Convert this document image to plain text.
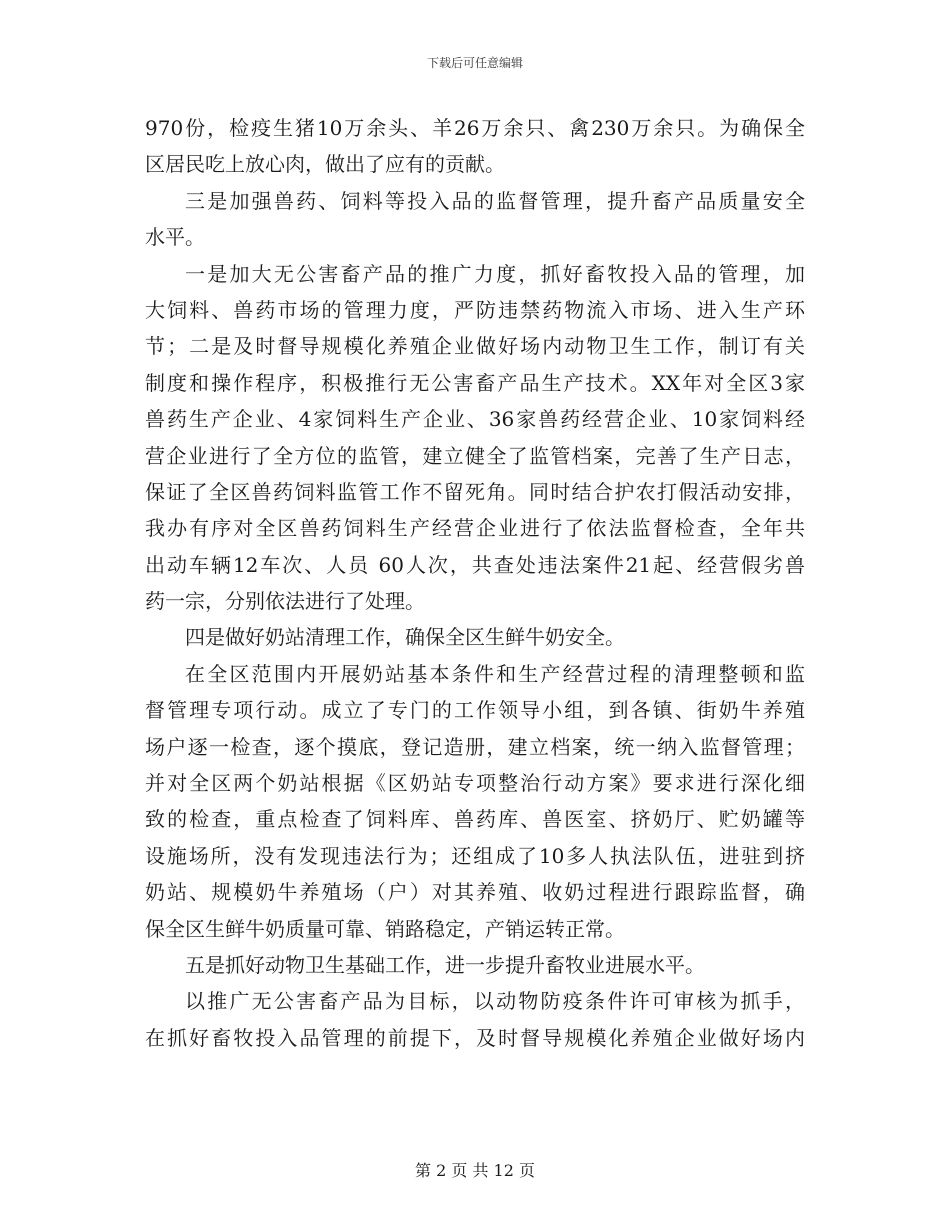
下载后可任意编辑
970份，检疫生猪10万余头、羊26万余只、禽230万余只。为确保全
区居民吃上放心肉，做出了应有的贡献。
三是加强兽药、饲料等投入品的监督管理，提升畜产品质量安全
水平。
一是加大无公害畜产品的推广力度，抓好畜牧投入品的管理，加
大饲料、兽药市场的管理力度，严防违禁药物流入市场、进入生产环
节；二是及时督导规模化养殖企业做好场内动物卫生工作，制订有关
制度和操作程序，积极推行无公害畜产品生产技术。XX年对全区3家
兽药生产企业、4家饲料生产企业、36家兽药经营企业、10家饲料经
营企业进行了全方位的监管，建立健全了监管档案，完善了生产日志，
保证了全区兽药饲料监管工作不留死角。同时结合护农打假活动安排，
我办有序对全区兽药饲料生产经营企业进行了依法监督检查，全年共
出动车辆12车次、人员 60人次，共查处违法案件21起、经营假劣兽
药一宗，分别依法进行了处理。
四是做好奶站清理工作，确保全区生鲜牛奶安全。
在全区范围内开展奶站基本条件和生产经营过程的清理整顿和监
督管理专项行动。成立了专门的工作领导小组，到各镇、街奶牛养殖
场户逐一检查，逐个摸底，登记造册，建立档案，统一纳入监督管理；
并对全区两个奶站根据《区奶站专项整治行动方案》要求进行深化细
致的检查，重点检查了饲料库、兽药库、兽医室、挤奶厅、贮奶罐等
设施场所，没有发现违法行为；还组成了10多人执法队伍，进驻到挤
奶站、规模奶牛养殖场（户）对其养殖、收奶过程进行跟踪监督，确
保全区生鲜牛奶质量可靠、销路稳定，产销运转正常。
五是抓好动物卫生基础工作，进一步提升畜牧业进展水平。
以推广无公害畜产品为目标，以动物防疫条件许可审核为抓手，
在抓好畜牧投入品管理的前提下，及时督导规模化养殖企业做好场内
第 2 页 共 12 页
